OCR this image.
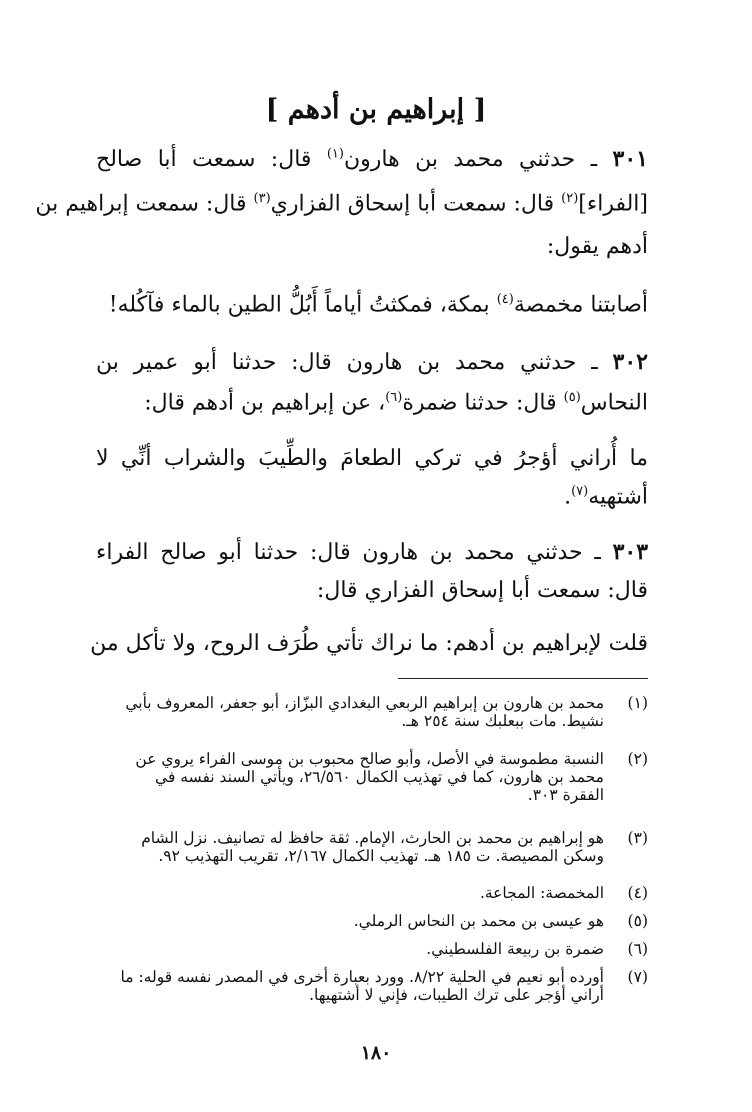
[ إبراهيم بن أدهم ]
٣٠١ ـ حدثني محمد بن هارون$^{(١)}$ قال: سمعت أبا صالح
[الفراء]$^{(٢)}$ قال: سمعت أبا إسحاق الفزاري$^{(٣)}$ قال: سمعت إبراهيم بن
أدهم يقول:
أصابتنا مخمصة$^{(٤)}$ بمكة، فمكثتُ أياماً أَبُلُّ الطين بالماء فآكُله!
٣٠٢ ـ حدثني محمد بن هارون قال: حدثنا أبو عمير بن
النحاس$^{(٥)}$ قال: حدثنا ضمرة$^{(٦)}$، عن إبراهيم بن أدهم قال:
ما أُراني أؤجرُ في تركي الطعامَ والطِّيبَ والشراب أنِّي لا
أشتهيه$^{(٧)}$.
٣٠٣ ـ حدثني محمد بن هارون قال: حدثنا أبو صالح الفراء
قال: سمعت أبا إسحاق الفزاري قال:
قلت لإبراهيم بن أدهم: ما نراك تأتي طُرَف الروح، ولا تأكل من
(١)
محمد بن هارون بن إبراهيم الربعي البغدادي البزّاز، أبو جعفر، المعروف بأبي
نشيط. مات ببعلبك سنة ٢٥٤ هـ.
(٢)
النسبة مطموسة في الأصل، وأبو صالح محبوب بن موسى الفراء يروي عن
محمد بن هارون، كما في تهذيب الكمال ٢٦/٥٦٠، ويأتي السند نفسه في
الفقرة ٣٠٣.
(٣)
هو إبراهيم بن محمد بن الحارث، الإمام. ثقة حافظ له تصانيف. نزل الشام
وسكن المصيصة. ت ١٨٥ هـ. تهذيب الكمال ٢/١٦٧، تقريب التهذيب ٩٢.
(٤)
المخمصة: المجاعة.
(٥)
هو عيسى بن محمد بن النحاس الرملي.
(٦)
ضمرة بن ربيعة الفلسطيني.
(٧)
أورده أبو نعيم في الحلية ٨/٢٢. وورد بعبارة أخرى في المصدر نفسه قوله: ما
أراني أؤجر على ترك الطيبات، فإني لا أشتهيها.
١٨٠
